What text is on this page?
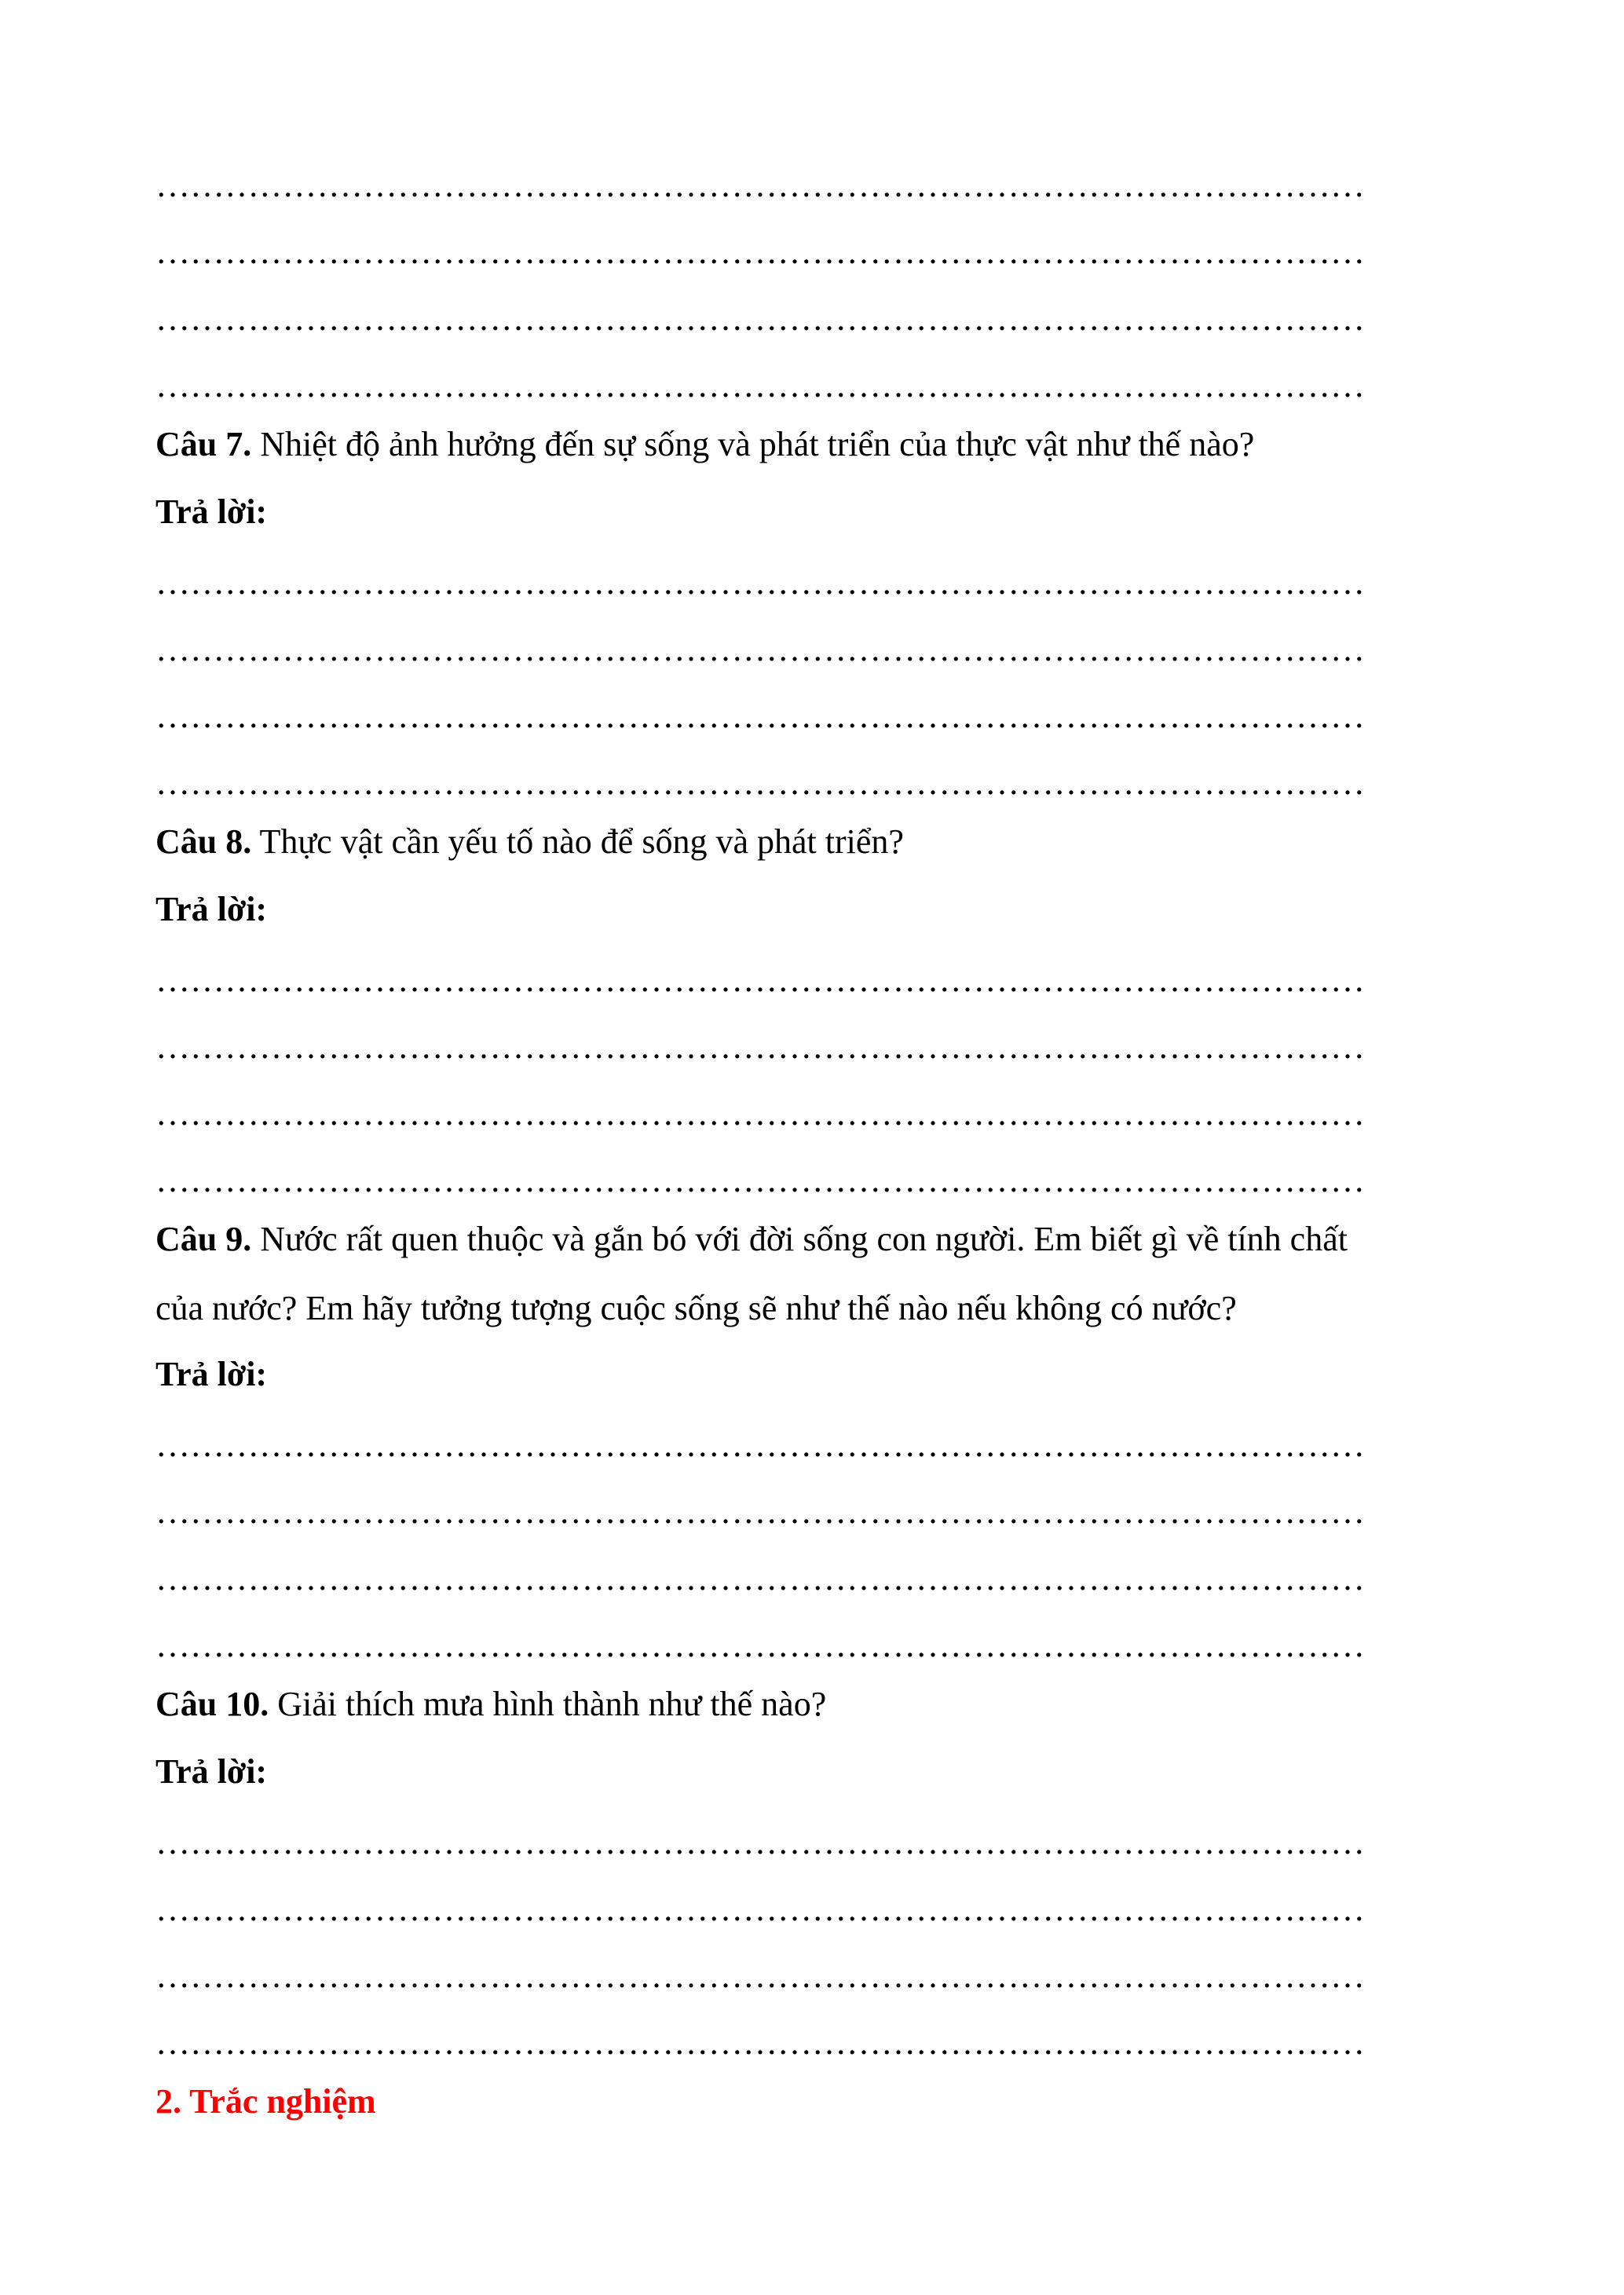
……………………………………………………………………………………………
……………………………………………………………………………………………
……………………………………………………………………………………………
……………………………………………………………………………………………
Câu 7. Nhiệt độ ảnh hưởng đến sự sống và phát triển của thực vật như thế nào?
Trả lời:
……………………………………………………………………………………………
……………………………………………………………………………………………
……………………………………………………………………………………………
……………………………………………………………………………………………
Câu 8. Thực vật cần yếu tố nào để sống và phát triển?
Trả lời:
……………………………………………………………………………………………
……………………………………………………………………………………………
……………………………………………………………………………………………
……………………………………………………………………………………………
Câu 9. Nước rất quen thuộc và gắn bó với đời sống con người. Em biết gì về tính chất
của nước? Em hãy tưởng tượng cuộc sống sẽ như thế nào nếu không có nước?
Trả lời:
……………………………………………………………………………………………
……………………………………………………………………………………………
……………………………………………………………………………………………
……………………………………………………………………………………………
Câu 10. Giải thích mưa hình thành như thế nào?
Trả lời:
……………………………………………………………………………………………
……………………………………………………………………………………………
……………………………………………………………………………………………
……………………………………………………………………………………………
2. Trắc nghiệm
